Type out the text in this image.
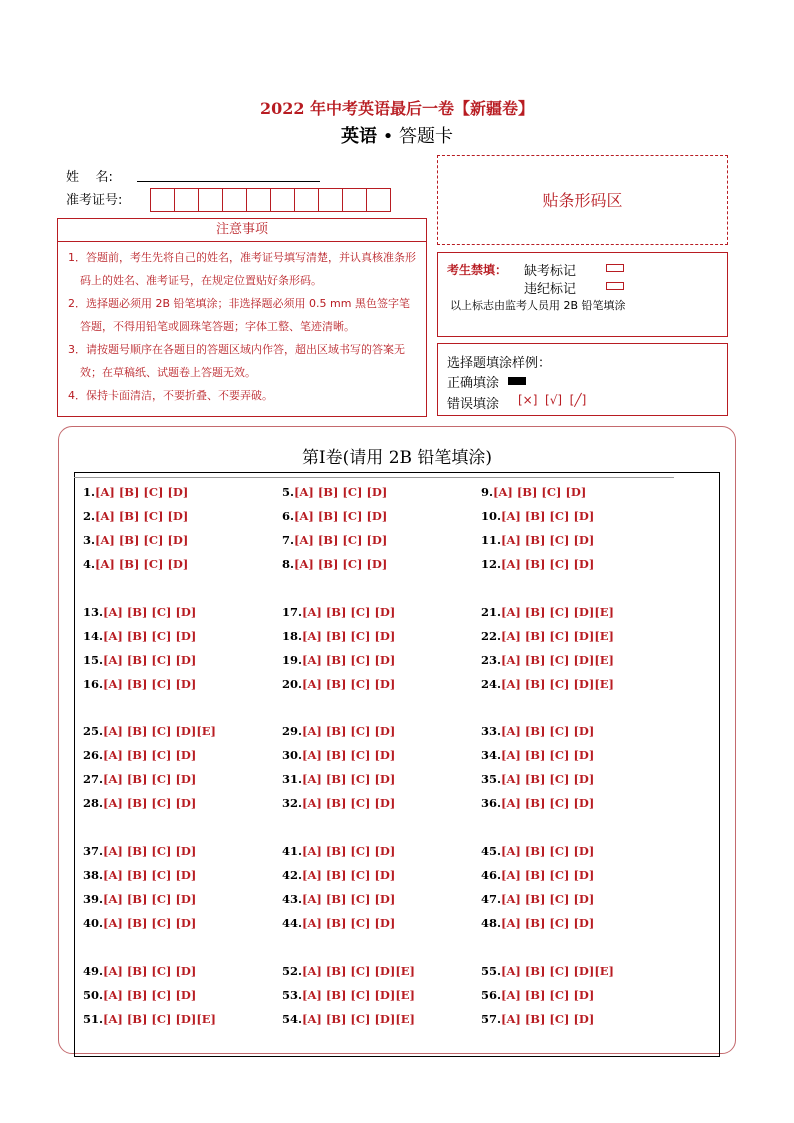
2022 年中考英语最后一卷【新疆卷】
英语 • 答题卡
姓    名:
准考证号:	贴条形码区
注意事项

1．答题前，考生先将自己的姓名，准考证号填写清楚，并认真核准条形码上的姓名、准考证号，在规定位置贴好条形码。

2．选择题必须用 2B 铅笔填涂；非选择题必须用 0.5 mm 黑色签字笔答题，不得用铅笔或圆珠笔答题；字体工整、笔迹清晰。

3．请按题号顺序在各题目的答题区域内作答，超出区域书写的答案无效；在草稿纸、试题卷上答题无效。

4．保持卡面清洁，不要折叠、不要弄破。

考生禁填： 缺考标记
违纪标记
以上标志由监考人员用 2B 铅笔填涂
选择题填涂样例：
正确填涂
错误填涂 [×]  [√]  [╱]
第Ⅰ卷(请用 2B 铅笔填涂)
1.[A] [B] [C] [D]
2.[A] [B] [C] [D]
3.[A] [B] [C] [D]
4.[A] [B] [C] [D]
5.[A] [B] [C] [D]
6.[A] [B] [C] [D]
7.[A] [B] [C] [D]
8.[A] [B] [C] [D]
9.[A] [B] [C] [D]
10.[A] [B] [C] [D]
11.[A] [B] [C] [D]
12.[A] [B] [C] [D]
13.[A] [B] [C] [D]
14.[A] [B] [C] [D]
15.[A] [B] [C] [D]
16.[A] [B] [C] [D]
17.[A] [B] [C] [D]
18.[A] [B] [C] [D]
19.[A] [B] [C] [D]
20.[A] [B] [C] [D]
21.[A] [B] [C] [D][E]
22.[A] [B] [C] [D][E]
23.[A] [B] [C] [D][E]
24.[A] [B] [C] [D][E]
25.[A] [B] [C] [D][E]
26.[A] [B] [C] [D]
27.[A] [B] [C] [D]
28.[A] [B] [C] [D]
29.[A] [B] [C] [D]
30.[A] [B] [C] [D]
31.[A] [B] [C] [D]
32.[A] [B] [C] [D]
33.[A] [B] [C] [D]
34.[A] [B] [C] [D]
35.[A] [B] [C] [D]
36.[A] [B] [C] [D]
37.[A] [B] [C] [D]
38.[A] [B] [C] [D]
39.[A] [B] [C] [D]
40.[A] [B] [C] [D]
41.[A] [B] [C] [D]
42.[A] [B] [C] [D]
43.[A] [B] [C] [D]
44.[A] [B] [C] [D]
45.[A] [B] [C] [D]
46.[A] [B] [C] [D]
47.[A] [B] [C] [D]
48.[A] [B] [C] [D]
49.[A] [B] [C] [D]
50.[A] [B] [C] [D]
51.[A] [B] [C] [D][E]
52.[A] [B] [C] [D][E]
53.[A] [B] [C] [D][E]
54.[A] [B] [C] [D][E]
55.[A] [B] [C] [D][E]
56.[A] [B] [C] [D]
57.[A] [B] [C] [D]
